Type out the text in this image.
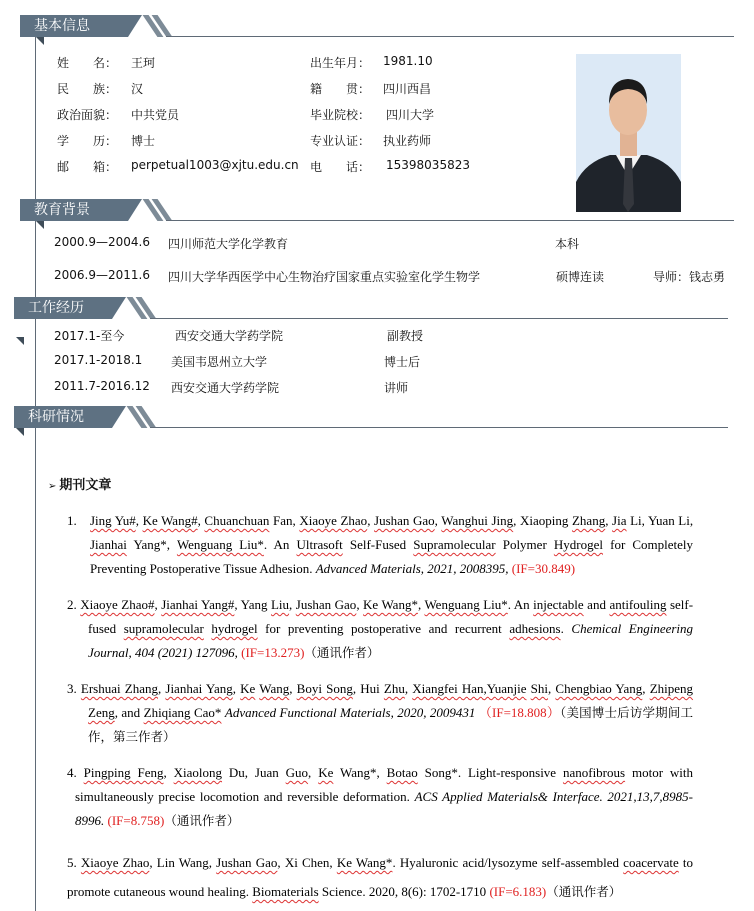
基本信息
姓　　名： 王珂	出生年月： 1981.10
民　　族： 汉	籍　　贯： 四川西昌
政治面貌： 中共党员	毕业院校： 四川大学
学　　历： 博士	专业认证： 执业药师
邮　　箱： perpetual1003@xjtu.edu.cn 电　　话： 15398035823
教育背景
2000.9—2004.6 四川师范大学化学教育	本科
2006.9—2011.6 四川大学华西医学中心生物治疗国家重点实验室化学生物学	硕博连读	导师：钱志勇
工作经历
2017.1-至今	西安交通大学药学院	副教授
2017.1-2018.1 美国韦恩州立大学	博士后
2011.7-2016.12 西安交通大学药学院	讲师
科研情况
➢ 期刊文章
1. Jing Yu#, Ke Wang#, Chuanchuan Fan, Xiaoye Zhao, Jushan Gao, Wanghui Jing, Xiaoping Zhang, Jia Li, Yuan Li, Jianhai Yang*, Wenguang Liu*. An Ultrasoft Self-Fused Supramolecular Polymer Hydrogel for Completely Preventing Postoperative Tissue Adhesion. Advanced Materials, 2021, 2008395, (IF=30.849)
2. Xiaoye Zhao#, Jianhai Yang#, Yang Liu, Jushan Gao, Ke Wang*, Wenguang Liu*. An injectable and antifouling self-fused supramolecular hydrogel for preventing postoperative and recurrent adhesions. Chemical Engineering Journal, 404 (2021) 127096, (IF=13.273)（通讯作者）
3. Ershuai Zhang, Jianhai Yang, Ke Wang, Boyi Song, Hui Zhu, Xiangfei Han,Yuanjie Shi, Chengbiao Yang, Zhipeng Zeng, and Zhiqiang Cao* Advanced Functional Materials, 2020, 2009431 （IF=18.808）（美国博士后访学期间工作，第三作者）
4. Pingping Feng, Xiaolong Du, Juan Guo, Ke Wang*, Botao Song*. Light-responsive nanofibrous motor with simultaneously precise locomotion and reversible deformation. ACS Applied Materials& Interface. 2021,13,7,8985-8996. (IF=8.758)（通讯作者）
5. Xiaoye Zhao, Lin Wang, Jushan Gao, Xi Chen, Ke Wang*. Hyaluronic acid/lysozyme self-assembled coacervate to promote cutaneous wound healing. Biomaterials Science. 2020, 8(6): 1702-1710 (IF=6.183)（通讯作者）
